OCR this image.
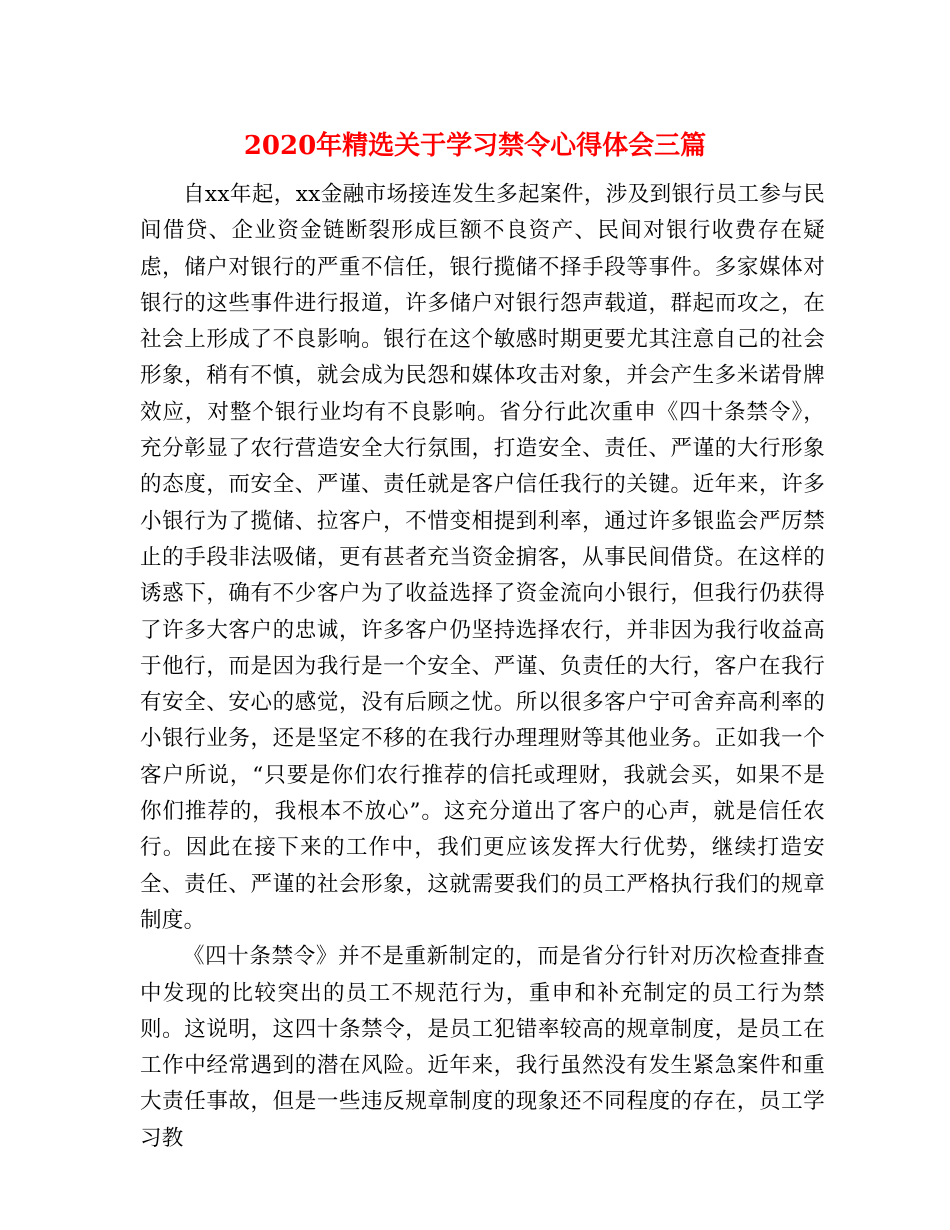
2020年精选关于学习禁令心得体会三篇

自xx年起，xx金融市场接连发生多起案件，涉及到银行员工参与民间借贷、企业资金链断裂形成巨额不良资产、民间对银行收费存在疑虑，储户对银行的严重不信任，银行揽储不择手段等事件。多家媒体对银行的这些事件进行报道，许多储户对银行怨声载道，群起而攻之，在社会上形成了不良影响。银行在这个敏感时期更要尤其注意自己的社会形象，稍有不慎，就会成为民怨和媒体攻击对象，并会产生多米诺骨牌效应，对整个银行业均有不良影响。省分行此次重申《四十条禁令》，充分彰显了农行营造安全大行氛围，打造安全、责任、严谨的大行形象的态度，而安全、严谨、责任就是客户信任我行的关键。近年来，许多小银行为了揽储、拉客户，不惜变相提到利率，通过许多银监会严厉禁止的手段非法吸储，更有甚者充当资金掮客，从事民间借贷。在这样的诱惑下，确有不少客户为了收益选择了资金流向小银行，但我行仍获得了许多大客户的忠诚，许多客户仍坚持选择农行，并非因为我行收益高于他行，而是因为我行是一个安全、严谨、负责任的大行，客户在我行有安全、安心的感觉，没有后顾之忧。所以很多客户宁可舍弃高利率的小银行业务，还是坚定不移的在我行办理理财等其他业务。正如我一个客户所说，“只要是你们农行推荐的信托或理财，我就会买，如果不是你们推荐的，我根本不放心”。这充分道出了客户的心声，就是信任农行。因此在接下来的工作中，我们更应该发挥大行优势，继续打造安全、责任、严谨的社会形象，这就需要我们的员工严格执行我们的规章制度。

《四十条禁令》并不是重新制定的，而是省分行针对历次检查排查中发现的比较突出的员工不规范行为，重申和补充制定的员工行为禁则。这说明，这四十条禁令，是员工犯错率较高的规章制度，是员工在工作中经常遇到的潜在风险。近年来，我行虽然没有发生紧急案件和重大责任事故，但是一些违反规章制度的现象还不同程度的存在，员工学习教
